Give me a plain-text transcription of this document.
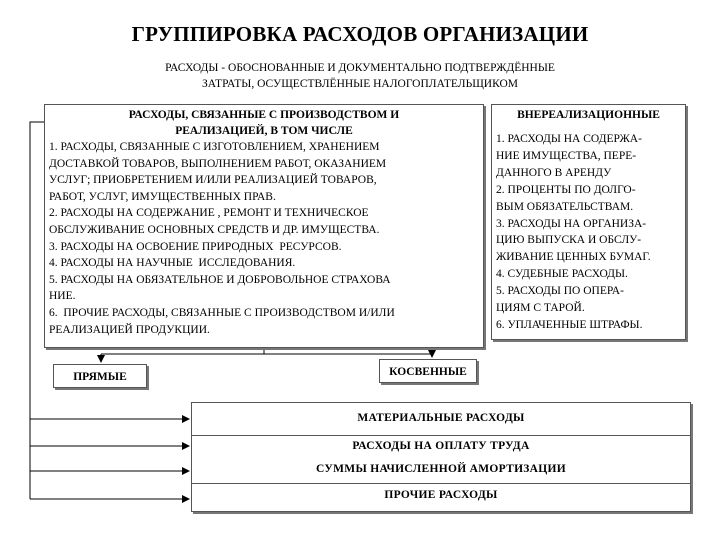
ГРУППИРОВКА РАСХОДОВ ОРГАНИЗАЦИИ
РАСХОДЫ - ОБОСНОВАННЫЕ И ДОКУМЕНТАЛЬНО ПОДТВЕРЖДЁННЫЕ
ЗАТРАТЫ, ОСУЩЕСТВЛЁННЫЕ НАЛОГОПЛАТЕЛЬЩИКОМ
РАСХОДЫ, СВЯЗАННЫЕ С ПРОИЗВОДСТВОМ И
РЕАЛИЗАЦИЕЙ, В ТОМ ЧИСЛЕ
1. РАСХОДЫ, СВЯЗАННЫЕ С ИЗГОТОВЛЕНИЕМ, ХРАНЕНИЕМ
ДОСТАВКОЙ ТОВАРОВ, ВЫПОЛНЕНИЕМ РАБОТ, ОКАЗАНИЕМ
УСЛУГ; ПРИОБРЕТЕНИЕМ И/ИЛИ РЕАЛИЗАЦИЕЙ ТОВАРОВ,
РАБОТ, УСЛУГ, ИМУЩЕСТВЕННЫХ ПРАВ.
2. РАСХОДЫ НА СОДЕРЖАНИЕ , РЕМОНТ И ТЕХНИЧЕСКОЕ
ОБСЛУЖИВАНИЕ ОСНОВНЫХ СРЕДСТВ И ДР. ИМУЩЕСТВА.
3. РАСХОДЫ НА ОСВОЕНИЕ ПРИРОДНЫХ  РЕСУРСОВ.
4. РАСХОДЫ НА НАУЧНЫЕ  ИССЛЕДОВАНИЯ.
5. РАСХОДЫ НА ОБЯЗАТЕЛЬНОЕ И ДОБРОВОЛЬНОЕ СТРАХОВА
НИЕ.
6.  ПРОЧИЕ РАСХОДЫ, СВЯЗАННЫЕ С ПРОИЗВОДСТВОМ И/ИЛИ
РЕАЛИЗАЦИЕЙ ПРОДУКЦИИ.
ВНЕРЕАЛИЗАЦИОННЫЕ
1. РАСХОДЫ НА СОДЕРЖА-
НИЕ ИМУЩЕСТВА, ПЕРЕ-
ДАННОГО В АРЕНДУ
2. ПРОЦЕНТЫ ПО ДОЛГО-
ВЫМ ОБЯЗАТЕЛЬСТВАМ.
3. РАСХОДЫ НА ОРГАНИЗА-
ЦИЮ ВЫПУСКА И ОБСЛУ-
ЖИВАНИЕ ЦЕННЫХ БУМАГ.
4. СУДЕБНЫЕ РАСХОДЫ.
5. РАСХОДЫ ПО ОПЕРА-
ЦИЯМ С ТАРОЙ.
6. УПЛАЧЕННЫЕ ШТРАФЫ.
ПРЯМЫЕ	КОСВЕННЫЕ
МАТЕРИАЛЬНЫЕ РАСХОДЫ
РАСХОДЫ НА ОПЛАТУ ТРУДА
СУММЫ НАЧИСЛЕННОЙ АМОРТИЗАЦИИ
ПРОЧИЕ РАСХОДЫ
